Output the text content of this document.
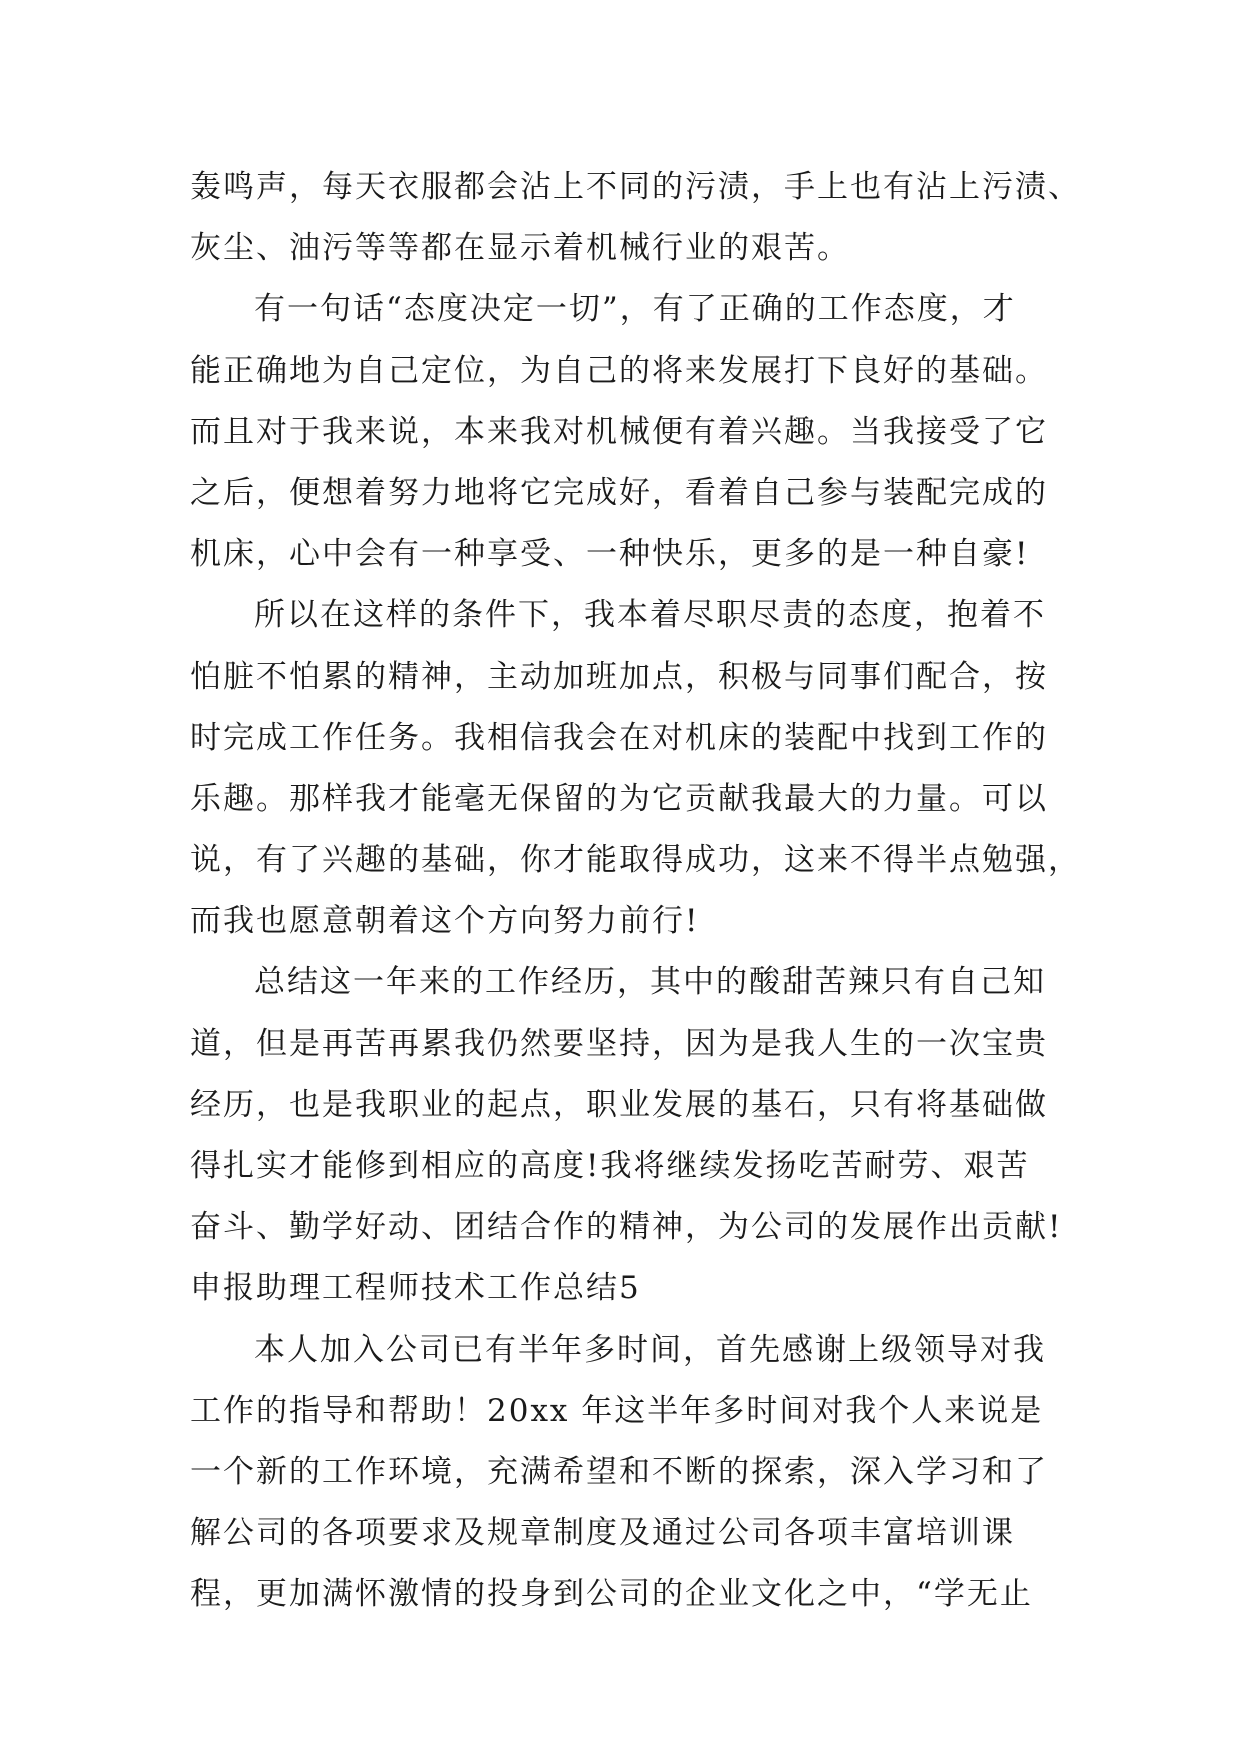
轰鸣声，每天衣服都会沾上不同的污渍，手上也有沾上污渍、
灰尘、油污等等都在显示着机械行业的艰苦。
有一句话“态度决定一切”，有了正确的工作态度，才
能正确地为自己定位，为自己的将来发展打下良好的基础。
而且对于我来说，本来我对机械便有着兴趣。当我接受了它
之后，便想着努力地将它完成好，看着自己参与装配完成的
机床，心中会有一种享受、一种快乐，更多的是一种自豪!
所以在这样的条件下，我本着尽职尽责的态度，抱着不
怕脏不怕累的精神，主动加班加点，积极与同事们配合，按
时完成工作任务。我相信我会在对机床的装配中找到工作的
乐趣。那样我才能毫无保留的为它贡献我最大的力量。可以
说，有了兴趣的基础，你才能取得成功，这来不得半点勉强，
而我也愿意朝着这个方向努力前行!
总结这一年来的工作经历，其中的酸甜苦辣只有自己知
道，但是再苦再累我仍然要坚持，因为是我人生的一次宝贵
经历，也是我职业的起点，职业发展的基石，只有将基础做
得扎实才能修到相应的高度!我将继续发扬吃苦耐劳、艰苦
奋斗、勤学好动、团结合作的精神，为公司的发展作出贡献!
申报助理工程师技术工作总结5
本人加入公司已有半年多时间，首先感谢上级领导对我
工作的指导和帮助！20xx 年这半年多时间对我个人来说是
一个新的工作环境，充满希望和不断的探索，深入学习和了
解公司的各项要求及规章制度及通过公司各项丰富培训课
程，更加满怀激情的投身到公司的企业文化之中，“学无止
